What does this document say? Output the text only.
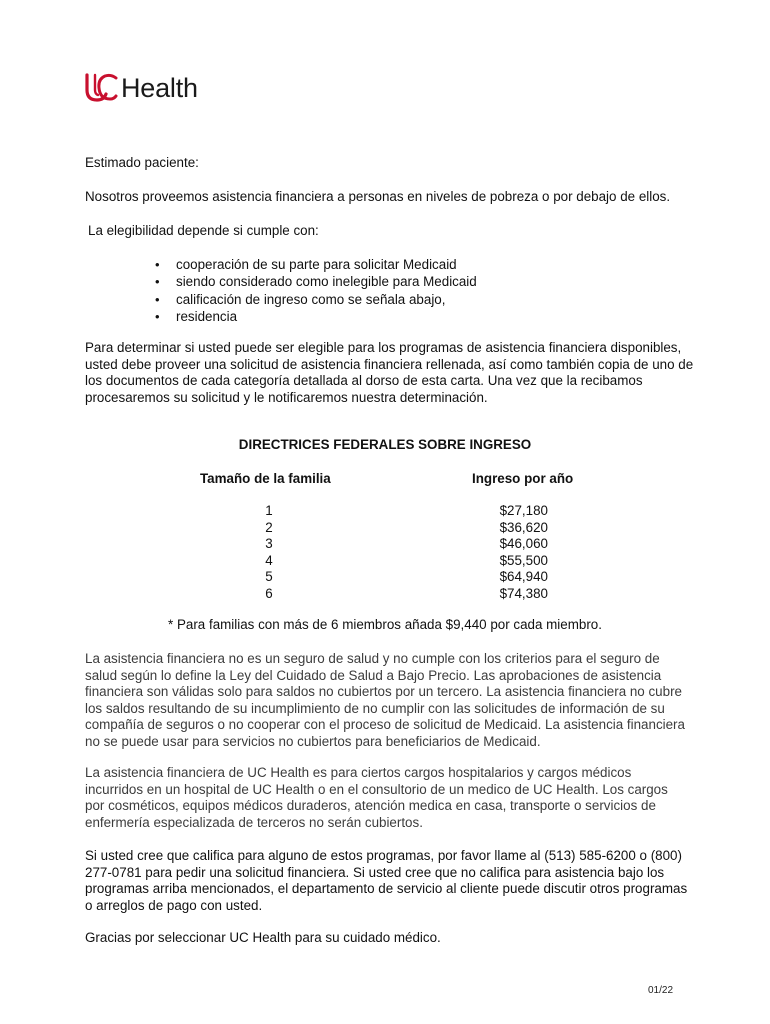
Health

Estimado paciente:

Nosotros proveemos asistencia financiera a personas en niveles de pobreza o por debajo de ellos.

La elegibilidad depende si cumple con:

• cooperación de su parte para solicitar Medicaid
• siendo considerado como inelegible para Medicaid
• calificación de ingreso como se señala abajo,
• residencia

Para determinar si usted puede ser elegible para los programas de asistencia financiera disponibles, usted debe proveer una solicitud de asistencia financiera rellenada, así como también copia de uno de los documentos de cada categoría detallada al dorso de esta carta. Una vez que la recibamos procesaremos su solicitud y le notificaremos nuestra determinación.

DIRECTRICES FEDERALES SOBRE INGRESO
Tamaño de la familia	Ingreso por año
1
2
3
4
5
6
$27,180
$36,620
$46,060
$55,500
$64,940
$74,380
* Para familias con más de 6 miembros añada $9,440 por cada miembro.

La asistencia financiera no es un seguro de salud y no cumple con los criterios para el seguro de salud según lo define la Ley del Cuidado de Salud a Bajo Precio. Las aprobaciones de asistencia financiera son válidas solo para saldos no cubiertos por un tercero. La asistencia financiera no cubre los saldos resultando de su incumplimiento de no cumplir con las solicitudes de información de su compañía de seguros o no cooperar con el proceso de solicitud de Medicaid. La asistencia financiera no se puede usar para servicios no cubiertos para beneficiarios de Medicaid.

La asistencia financiera de UC Health es para ciertos cargos hospitalarios y cargos médicos incurridos en un hospital de UC Health o en el consultorio de un medico de UC Health. Los cargos por cosméticos, equipos médicos duraderos, atención medica en casa, transporte o servicios de enfermería especializada de terceros no serán cubiertos.

Si usted cree que califica para alguno de estos programas, por favor llame al (513) 585-6200 o (800) 277-0781 para pedir una solicitud financiera. Si usted cree que no califica para asistencia bajo los programas arriba mencionados, el departamento de servicio al cliente puede discutir otros programas o arreglos de pago con usted.

Gracias por seleccionar UC Health para su cuidado médico.

01/22
